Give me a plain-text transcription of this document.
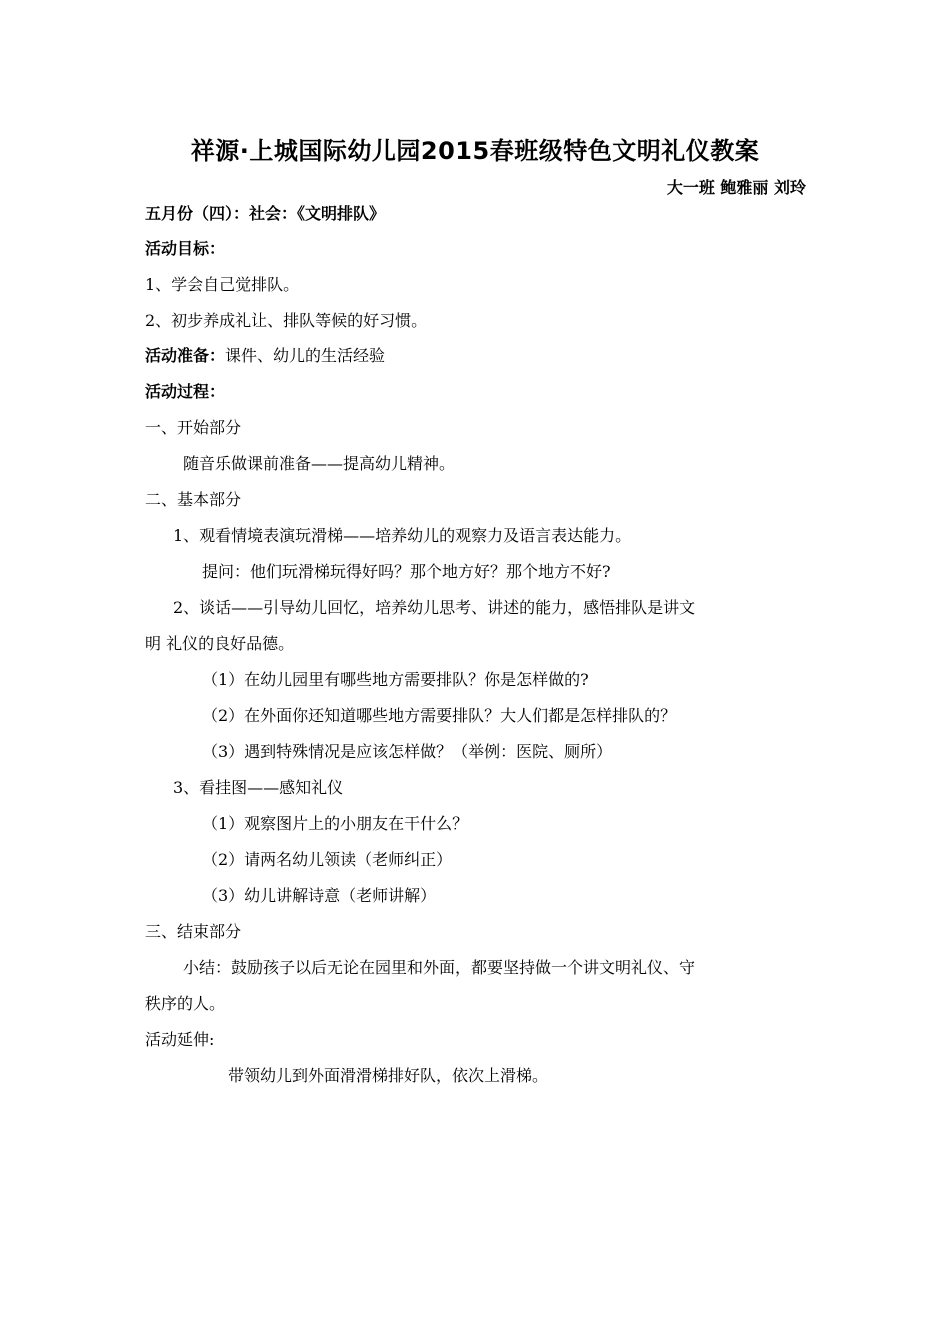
祥源·上城国际幼儿园2015春班级特色文明礼仪教案
大一班 鲍雅丽 刘玲
五月份（四）：社会：《文明排队》
活动目标：
1、学会自己觉排队。
2、初步养成礼让、排队等候的好习惯。
活动准备：课件、幼儿的生活经验
活动过程：
一、开始部分
随音乐做课前准备——提高幼儿精神。
二、基本部分
1、观看情境表演玩滑梯——培养幼儿的观察力及语言表达能力。
提问：他们玩滑梯玩得好吗？那个地方好？那个地方不好?
2、谈话——引导幼儿回忆，培养幼儿思考、讲述的能力，感悟排队是讲文
明 礼仪的良好品德。
（1）在幼儿园里有哪些地方需要排队？你是怎样做的?
（2）在外面你还知道哪些地方需要排队？大人们都是怎样排队的？
（3）遇到特殊情况是应该怎样做？（举例：医院、厕所）
3、看挂图——感知礼仪
（1）观察图片上的小朋友在干什么？
（2）请两名幼儿领读（老师纠正）
（3）幼儿讲解诗意（老师讲解）
三、结束部分
小结：鼓励孩子以后无论在园里和外面，都要坚持做一个讲文明礼仪、守
秩序的人。
活动延伸:
带领幼儿到外面滑滑梯排好队，依次上滑梯。
